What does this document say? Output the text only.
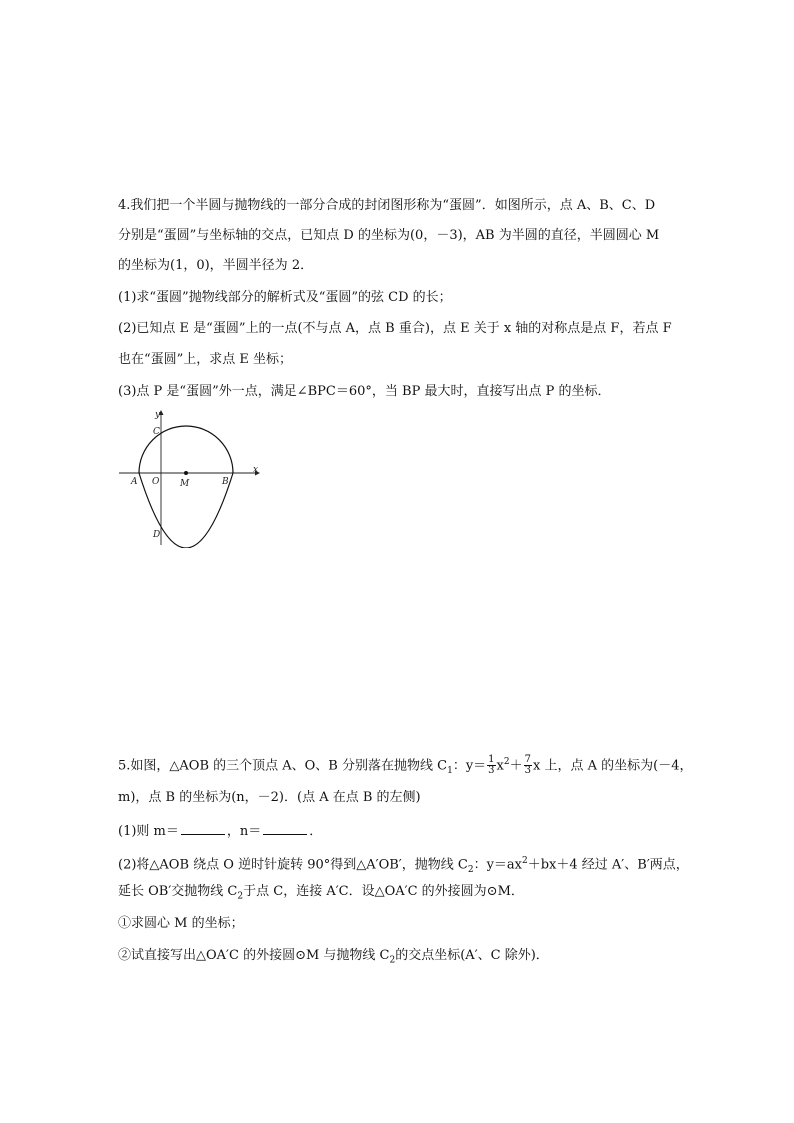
4.我们把一个半圆与抛物线的一部分合成的封闭图形称为“蛋圆”．如图所示，点 A、B、C、D
分别是“蛋圆”与坐标轴的交点，已知点 D 的坐标为(0，－3)，AB 为半圆的直径，半圆圆心 M
的坐标为(1，0)，半圆半径为 2．
(1)求“蛋圆”抛物线部分的解析式及“蛋圆”的弦 CD 的长；
(2)已知点 E 是“蛋圆”上的一点(不与点 A，点 B 重合)，点 E 关于 x 轴的对称点是点 F，若点 F
也在“蛋圆”上，求点 E 坐标；
(3)点 P 是“蛋圆”外一点，满足∠BPC＝60°，当 BP 最大时，直接写出点 P 的坐标．
y
x
C
A O M	B
D
5.如图，△AOB 的三个顶点 A、O、B 分别落在抛物线 $C_1$：$y= \frac{1}{3} x^2+ \frac{7}{3}$ x 上，点 A 的坐标为(－4，
m)，点 B 的坐标为(n，－2)．(点 A 在点 B 的左侧)
(1)则 m＝	，n＝	．
(2)将△AOB 绕点 O 逆时针旋转 90°得到△A′OB′，抛物线 $C_2$：$y=ax^2+bx+4$ 经过 A′、B′两点，
延长 OB′交抛物线 $C_2$于点 C，连接 A′C．设△OA′C 的外接圆为⊙M．
①求圆心 M 的坐标；
②试直接写出△OA′C 的外接圆⊙M 与抛物线 $C_2$的交点坐标(A′、C 除外)．
